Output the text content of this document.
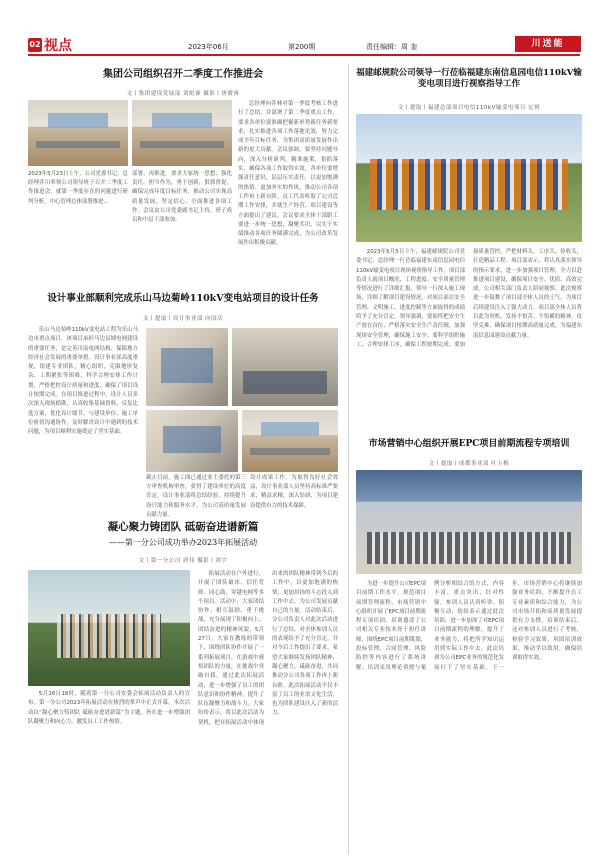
02 视点	2023年06月	第200期	责任编辑：周 奎	川送能
集团公司组织召开二季度工作推进会
文丨集团建设发展部 刘彪睿 摄影丨唐俊睿
2023年5月23日上午，公司党委书记、总经理乔川率领公司领导班子召开二季度工作推进会，就第一季度存在的问题进行研判分析，中心管理总体部署推进...
部署、再推进。要求大家统一思想、强化责任、担当作为，勇于创新，狠抓督促，确保完成年度目标任务，推动公司实现高质量发展，坚定信心，全面推进各项工作。会议由公司党委副书记主持，班子成员和中层干部参加。
总经理向乔林对第一季度考核工作进行了总结，并部署了第二季度重点工作，要求各单位要准确把握新形势新任务新要求，扎实推进各项工作落地见效，努力完成全年目标任务，为集团高质量发展作出新的更大贡献。会议强调，要坚持问题导向，深入分析研判，精准施策，狠抓落实，确保各项工作取得实效。各单位要增强责任意识，层层压实责任，以更加饱满的热情、更加务实的作风，推动公司各项工作再上新台阶。员工代表听取了公司近期工作安排，并就生产经营、项目建设等方面提出了建议。会议要求全体干部职工要进一步统一思想，凝聚共识，以实干实绩推动各项任务圆满完成，为公司改革发展作出积极贡献。
设计事业部顺利完成乐山马边菊岭110kV变电站项目的设计任务
文丨提取丨设计事业部 向国庆
乐山马边菊岭110kV变电站工程为乐山马边市重点项目，该项目承担马边县域电网建设的重要任务，是完善川南电网结构、保障地方经济社会发展的重要举措。设计事业部高度重视，组建专业团队，精心组织，克服地形复杂、工期紧张等困难，科学合理安排工作计划，严格把控设计质量和进度，确保了项目设计按期完成。在项目推进过程中，设计人员多次深入现场踏勘，认真收集基础资料，反复比选方案，优化设计细节，与建设单位、施工单位密切沟通协作，及时解决设计中遇到的技术问题，为项目顺利实施奠定了坚实基础。
截止目前，施工图已通过业主委托的第三方审查机构审查，获得了建设单位的高度肯定。设计事业部将总结经验，持续提升设计能力和服务水平，为公司高质量发展贡献力量。
设计成果工作。为取得良好社会效益，设计事业部人员坚持高标准严要求，精益求精，深入钻研，为项目建设提供有力的技术保障。
凝心聚力铸团队 砥砺奋进谱新篇
——第一分公司成功举办2023年拓展活动
文丨第一分公司 唐伟 摄影丨刘宇
5月26日18时，随着第一分公司安委会拓展活动负责人的宣布，第一分公司2023年拓展活动在热烈的掌声中正式开幕。本次活动以“凝心聚力铸团队 砥砺奋进谱新篇”为主题，旨在进一步增强团队凝聚力和向心力，激发员工工作热情。
拓展活动在户外进行，开展了团队破冰、信任背摔、同心鼓、穿越电网等多个项目。活动中，大家团结协作、相互鼓励、勇于挑战，充分展现了积极向上、团结奋进的精神风貌。5月27日，大家在教练的带领下，围绕团队协作开展了一系列拓展项目，在游戏中感悟团队的力量，在挑战中突破自我。通过此次拓展活动，进一步增强了员工的团队意识和协作精神，提升了队伍凝聚力和战斗力。大家纷纷表示，将以此次活动为契机，把在拓展活动中体现出来的团队精神带到今后的工作中，以更加饱满的热情、更加昂扬的斗志投入到工作中去，为公司发展贡献自己的力量。活动结束后，分公司负责人对此次活动进行了总结，对全体参训人员的表现给予了充分肯定，并对今后工作提出了要求，希望大家继续发扬团队精神，凝心聚力，砥砺奋进，共同推动分公司各项工作再上新台阶。此次拓展活动不仅丰富了员工的业余文化生活，也为团队建设注入了新的活力。
福建邮规院公司领导一行莅临福建东南信息园电信110kV输变电项目进行视察指导工作
文丨提取丨福建总部项目电信110kV输变电项目 定斑
2023年5月5日下午，福建邮规院公司党委书记、总经理一行莅临福建东南信息园电信110kV输变电项目现场视察指导工作。项目部负责人就项目概况、工程进度、安全质量管理等情况进行了详细汇报。领导一行深入施工现场，详细了解项目建设情况，对项目部在安全管理、文明施工、进度控制等方面取得的成绩给予了充分肯定。领导强调，要始终把安全生产放在首位，严格落实安全生产责任制，加强现场安全管理，确保施工安全；要科学组织施工，合理安排工序，确保工程按期完成；要加强质量管控，严把材料关、工序关、验收关，打造精品工程。项目部表示，将认真落实领导的指示要求，进一步加强项目管理，全力以赴推进项目建设，确保项目安全、优质、高效完成。公司相关部门负责人陪同视察。此次视察进一步鼓舞了项目部全体人员的士气，为项目后续建设注入了强大动力。项目部全体人员将以此为契机，发扬不怕苦、不怕累的精神，攻坚克难，确保项目按期高质量完成，为福建东南信息园建设贡献力量。
市场营销中心组织开展EPC项目前期流程专项培训
文丨提取丨成都事业部 叶玉梅
为进一步提升公司EPC项目前期工作水平，规范项目前期管理流程，市场营销中心组织开展了EPC项目前期流程专项培训。培训邀请了公司相关专业技术骨干担任讲师，围绕EPC项目前期策划、投标管理、合同管理、风险防控等内容进行了系统讲解。培训采用理论讲授与案例分析相结合的方式，内容丰富、重点突出、针对性强。参训人员认真听讲、积极互动，纷纷表示通过此次培训，进一步加深了对EPC项目前期流程的理解，提升了业务能力，将把所学知识运用到实际工作中去。此次培训为公司EPC业务的规范化发展打下了坚实基础。下一步，市场营销中心将继续加强业务培训，不断提升员工专业素质和综合能力，为公司市场开拓和高质量发展提供有力支撑。培训结束后，还对参训人员进行了考核，检验学习效果，巩固培训成果，推动学以致用，确保培训取得实效。
